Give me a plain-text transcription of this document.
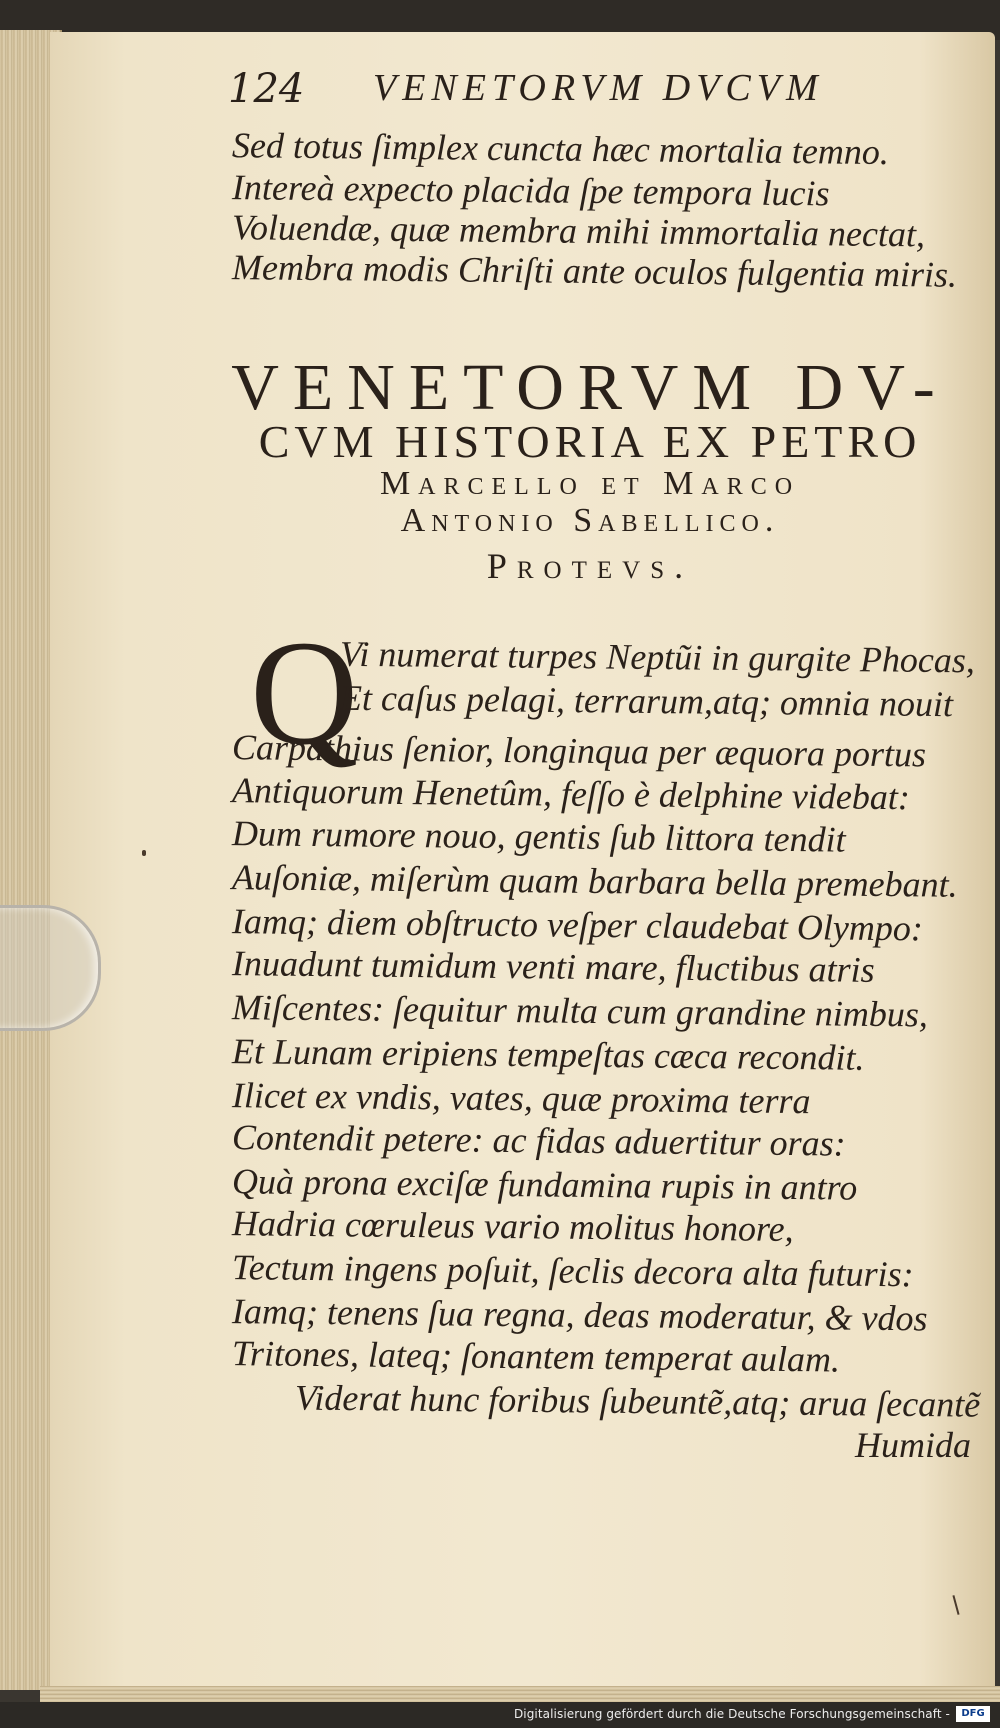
124 VENETORVM DVCVM
Sed totus ſimplex cuncta hæc mortalia temno.
Intereà expecto placida ſpe tempora lucis
Voluendæ, quæ membra mihi immortalia nectat,
Membra modis Chriſti ante oculos fulgentia miris.
VENETORVM DV-
CVM HISTORIA EX PETRO
Marcello et Marco
Antonio Sabellico.
Protevs.
Q
Vi numerat turpes Neptũi in gurgite Phocas,
Et caſus pelagi, terrarum,atq; omnia nouit
Carpathius ſenior, longinqua per æquora portus
Antiquorum Henetûm, feſſo è delphine videbat:
Dum rumore nouo, gentis ſub littora tendit
Auſoniæ, miſerùm quam barbara bella premebant.
Iamq; diem obſtructo veſper claudebat Olympo:
Inuadunt tumidum venti mare, fluctibus atris
Miſcentes: ſequitur multa cum grandine nimbus,
Et Lunam eripiens tempeſtas cæca recondit.
Ilicet ex vndis, vates, quæ proxima terra
Contendit petere: ac fidas aduertitur oras:
Quà prona exciſæ fundamina rupis in antro
Hadria cœruleus vario molitus honore,
Tectum ingens poſuit, ſeclis decora alta futuris:
Iamq; tenens ſua regna, deas moderatur, & vdos
Tritones, lateq; ſonantem temperat aulam.
Viderat hunc foribus ſubeuntẽ,atq; arua ſecantẽ
Humida
Digitalisierung gefördert durch die Deutsche Forschungsgemeinschaft -	DFG
